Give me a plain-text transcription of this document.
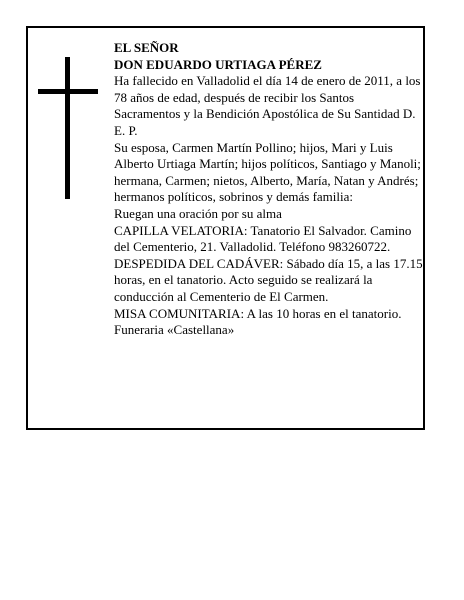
EL SEÑOR

DON EDUARDO URTIAGA PÉREZ

Ha fallecido en Valladolid el día 14 de enero de 2011, a los 78 años de edad, después de recibir los Santos Sacramentos y la Bendición Apostólica de Su Santidad D. E. P.

Su esposa, Carmen Martín Pollino; hijos, Mari y Luis Alberto Urtiaga Martín; hijos políticos, Santiago y Manoli; hermana, Carmen; nietos, Alberto, María, Natan y Andrés; hermanos políticos, sobrinos y demás familia:

Ruegan una oración por su alma

CAPILLA VELATORIA: Tanatorio El Salvador. Camino del Cementerio, 21. Valladolid. Teléfono 983260722.

DESPEDIDA DEL CADÁVER: Sábado día 15, a las 17.15 horas, en el tanatorio. Acto seguido se realizará la conducción al Cementerio de El Carmen.

MISA COMUNITARIA: A las 10 horas en el tanatorio.

Funeraria «Castellana»
